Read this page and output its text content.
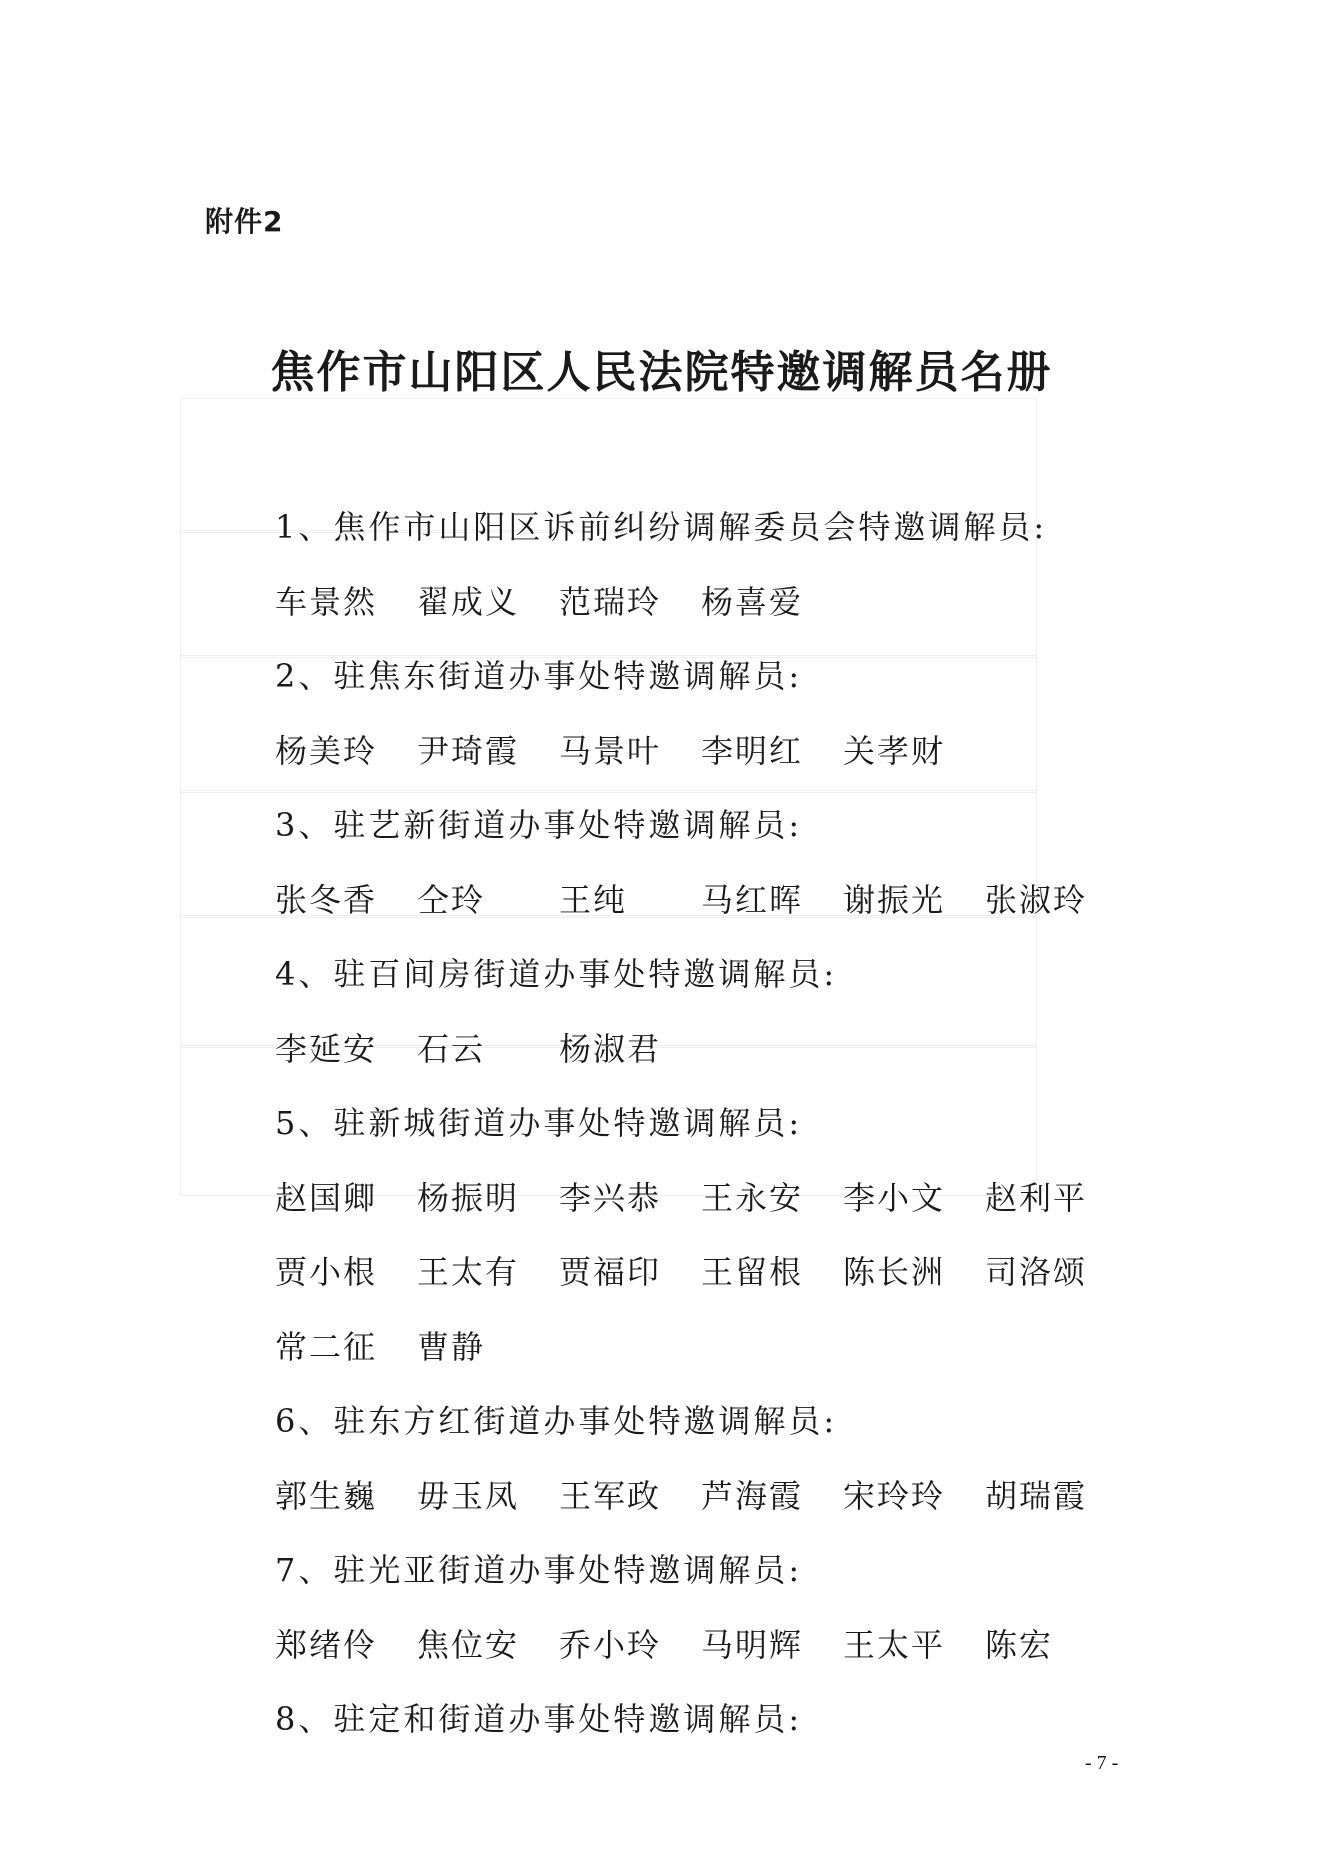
附件2
焦作市山阳区人民法院特邀调解员名册
1、焦作市山阳区诉前纠纷调解委员会特邀调解员:
车景然 翟成义 范瑞玲 杨喜爱
2、驻焦东街道办事处特邀调解员:
杨美玲 尹琦霞 马景叶 李明红 关孝财
3、驻艺新街道办事处特邀调解员:
张冬香 仝玲 王纯 马红晖 谢振光 张淑玲
4、驻百间房街道办事处特邀调解员:
李延安 石云 杨淑君
5、驻新城街道办事处特邀调解员:
赵国卿 杨振明 李兴恭 王永安 李小文 赵利平
贾小根 王太有 贾福印 王留根 陈长洲 司洛颂
常二征 曹静
6、驻东方红街道办事处特邀调解员:
郭生巍 毋玉凤 王军政 芦海霞 宋玲玲 胡瑞霞
7、驻光亚街道办事处特邀调解员:
郑绪伶 焦位安 乔小玲 马明辉 王太平 陈宏
8、驻定和街道办事处特邀调解员:
- 7 -
